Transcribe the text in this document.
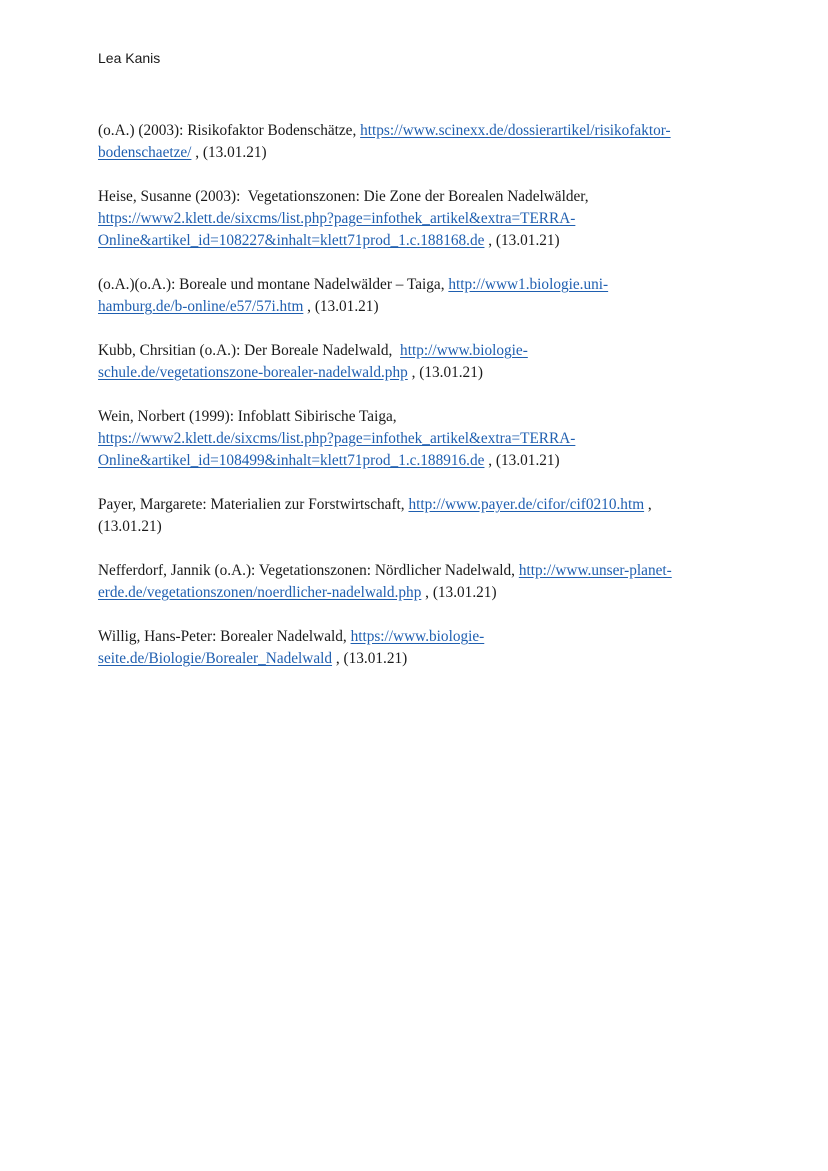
Lea Kanis
(o.A.) (2003): Risikofaktor Bodenschätze, https://www.scinexx.de/dossierartikel/risikofaktor-
bodenschaetze/ , (13.01.21)
Heise, Susanne (2003):  Vegetationszonen: Die Zone der Borealen Nadelwälder,
https://www2.klett.de/sixcms/list.php?page=infothek_artikel&extra=TERRA-
Online&artikel_id=108227&inhalt=klett71prod_1.c.188168.de , (13.01.21)
(o.A.)(o.A.): Boreale und montane Nadelwälder – Taiga, http://www1.biologie.uni-
hamburg.de/b-online/e57/57i.htm , (13.01.21)
Kubb, Chrsitian (o.A.): Der Boreale Nadelwald,  http://www.biologie-
schule.de/vegetationszone-borealer-nadelwald.php , (13.01.21)
Wein, Norbert (1999): Infoblatt Sibirische Taiga,
https://www2.klett.de/sixcms/list.php?page=infothek_artikel&extra=TERRA-
Online&artikel_id=108499&inhalt=klett71prod_1.c.188916.de , (13.01.21)
Payer, Margarete: Materialien zur Forstwirtschaft, http://www.payer.de/cifor/cif0210.htm ,
(13.01.21)
Nefferdorf, Jannik (o.A.): Vegetationszonen: Nördlicher Nadelwald, http://www.unser-planet-
erde.de/vegetationszonen/noerdlicher-nadelwald.php , (13.01.21)
Willig, Hans-Peter: Borealer Nadelwald, https://www.biologie-
seite.de/Biologie/Borealer_Nadelwald , (13.01.21)
